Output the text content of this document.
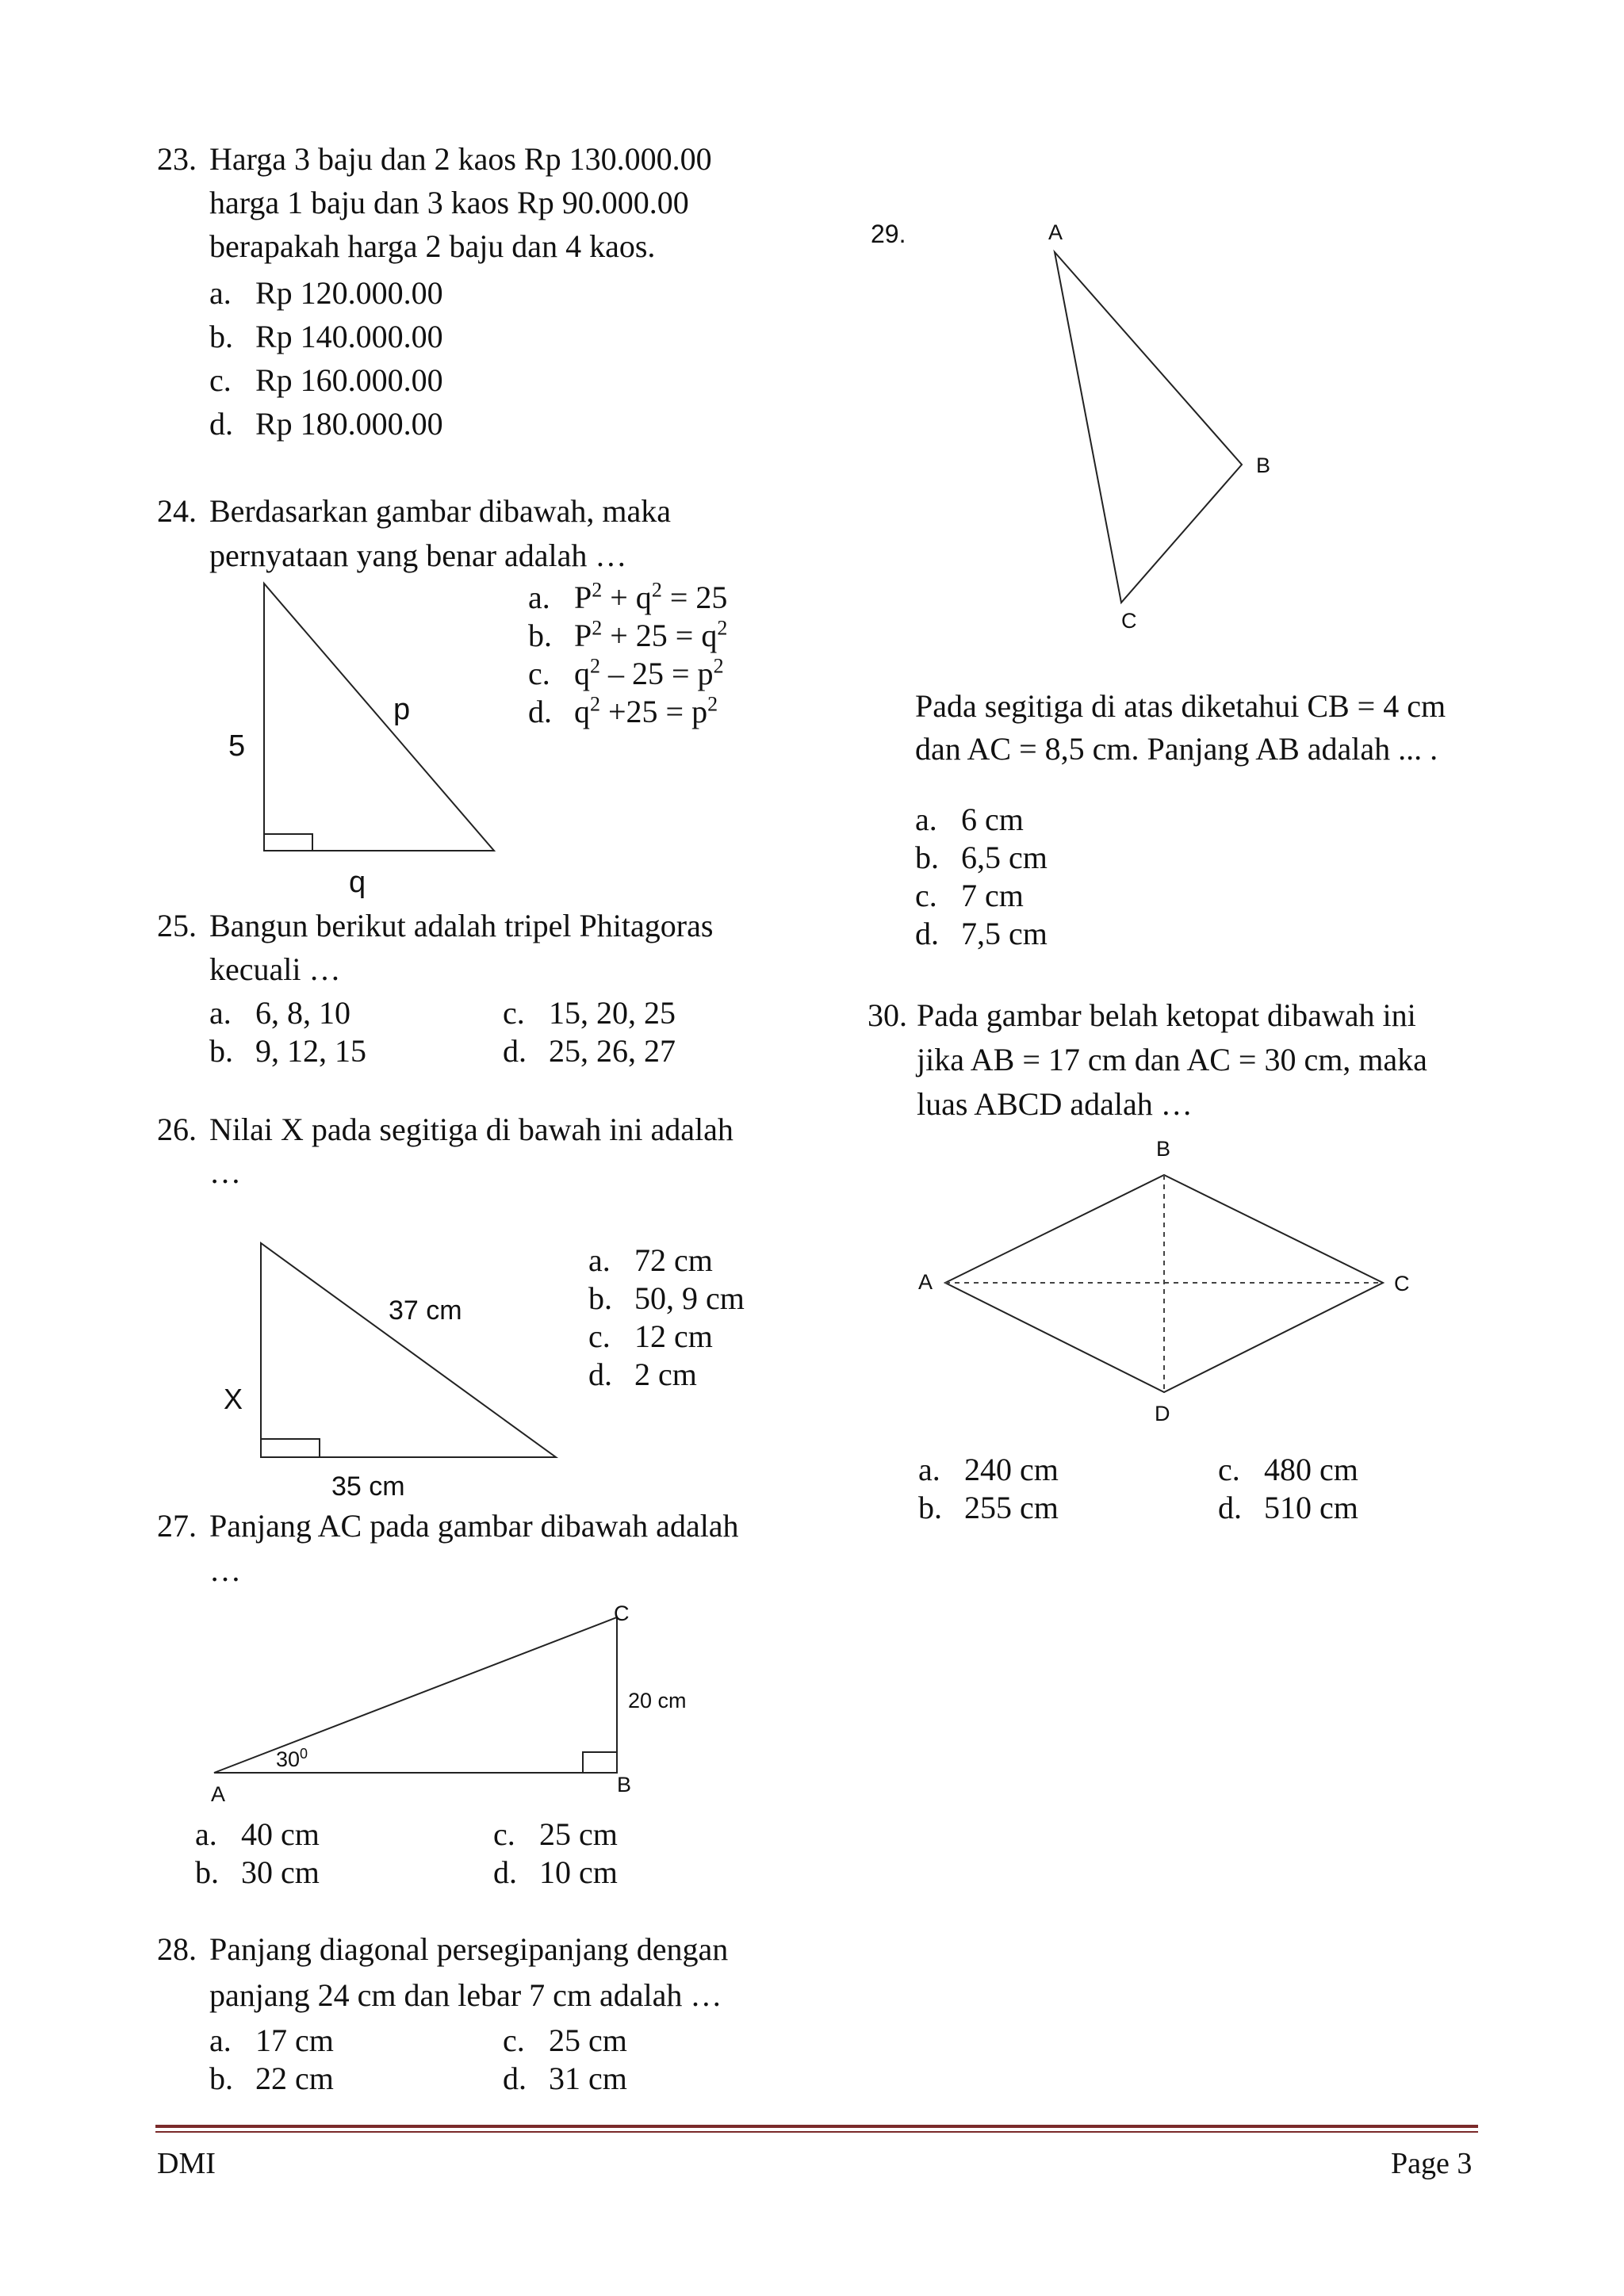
23. Harga 3 baju dan 2 kaos Rp 130.000.00
harga 1 baju dan 3 kaos Rp 90.000.00
berapakah harga 2 baju dan 4 kaos.
a. Rp 120.000.00
b. Rp 140.000.00
c. Rp 160.000.00
d. Rp 180.000.00
24. Berdasarkan gambar dibawah, maka
pernyataan yang benar adalah …
5
p
q
a. $P^2 + q^2 = 25$
b. $P^2 + 25 = q^2$
c. $q^2 - 25 = p^2$
d. $q^2 +25 = p^2$
25. Bangun berikut adalah tripel Phitagoras
kecuali …
a. 6, 8, 10	c. 15, 20, 25
b. 9, 12, 15	d. 25, 26, 27
26. Nilai X pada segitiga di bawah ini adalah
…
37 cm
X
35 cm
a. 72 cm
b. 50, 9 cm
c. 12 cm
d. 2 cm
27. Panjang AC pada gambar dibawah adalah
…
C
20 cm
$30^0$
A	B
a. 40 cm	c. 25 cm
b. 30 cm	d. 10 cm
28. Panjang diagonal persegipanjang dengan
panjang 24 cm dan lebar 7 cm adalah …
a. 17 cm	c. 25 cm
b. 22 cm	d. 31 cm
29.	A
B
C
Pada segitiga di atas diketahui CB = 4 cm
dan AC = 8,5 cm. Panjang AB adalah ... .
a. 6 cm
b. 6,5 cm
c. 7 cm
d. 7,5 cm
30. Pada gambar belah ketopat dibawah ini
jika AB = 17 cm dan AC = 30 cm, maka
luas ABCD adalah …
B
A	C
D
a. 240 cm	c. 480 cm
b. 255 cm	d. 510 cm
DMI	Page 3
